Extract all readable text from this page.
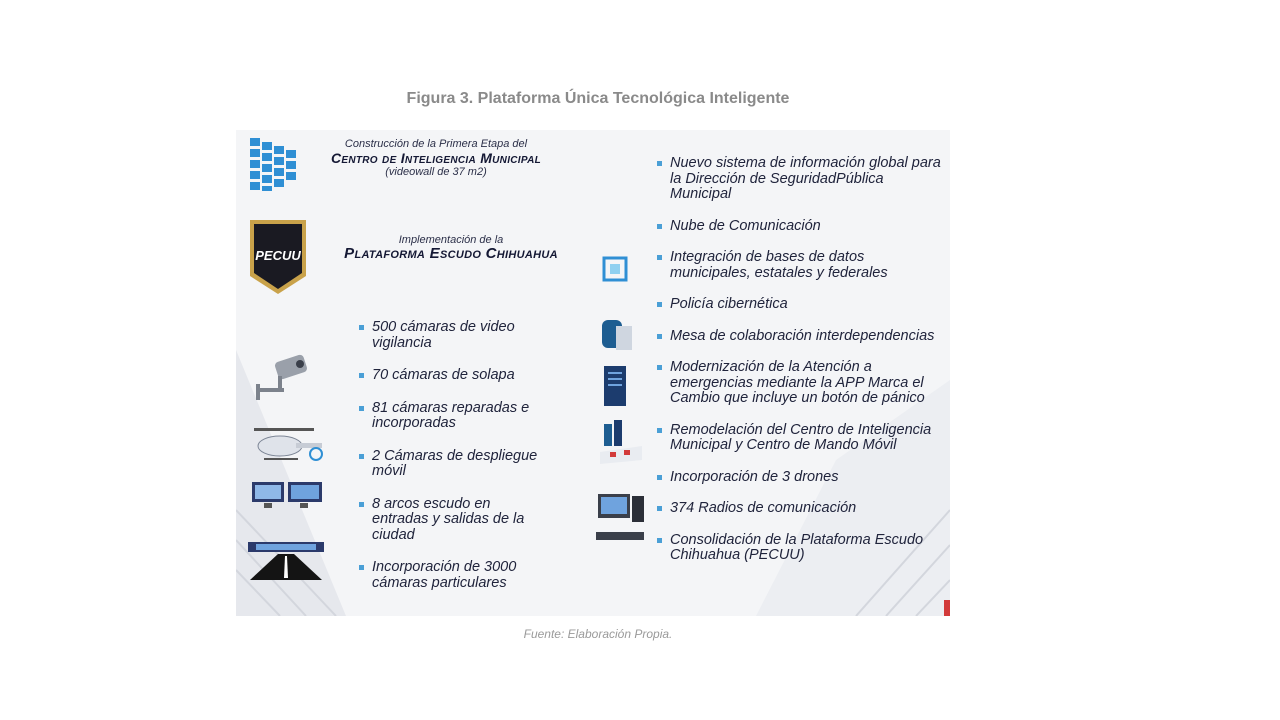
Figura 3. Plataforma Única Tecnológica Inteligente
Construcción de la Primera Etapa del
Centro de Inteligencia Municipal
(videowall de 37 m2)
PECUU
Implementación de la
Plataforma Escudo Chihuahua
500 cámaras de video vigilancia
70 cámaras de solapa
81 cámaras reparadas e incorporadas
2 Cámaras de despliegue móvil
8 arcos escudo en entradas y salidas de la ciudad
Incorporación de 3000 cámaras particulares
Nuevo sistema de información global para la Dirección de SeguridadPública Municipal
Nube de Comunicación
Integración de bases de datos municipales, estatales y federales
Policía cibernética
Mesa de colaboración interdependencias
Modernización de la Atención a emergencias mediante la APP Marca el Cambio que incluye un botón de pánico
Remodelación del Centro de Inteligencia Municipal y Centro de Mando Móvil
Incorporación de 3 drones
374 Radios de comunicación
Consolidación de la Plataforma Escudo Chihuahua (PECUU)
Fuente: Elaboración Propia.
